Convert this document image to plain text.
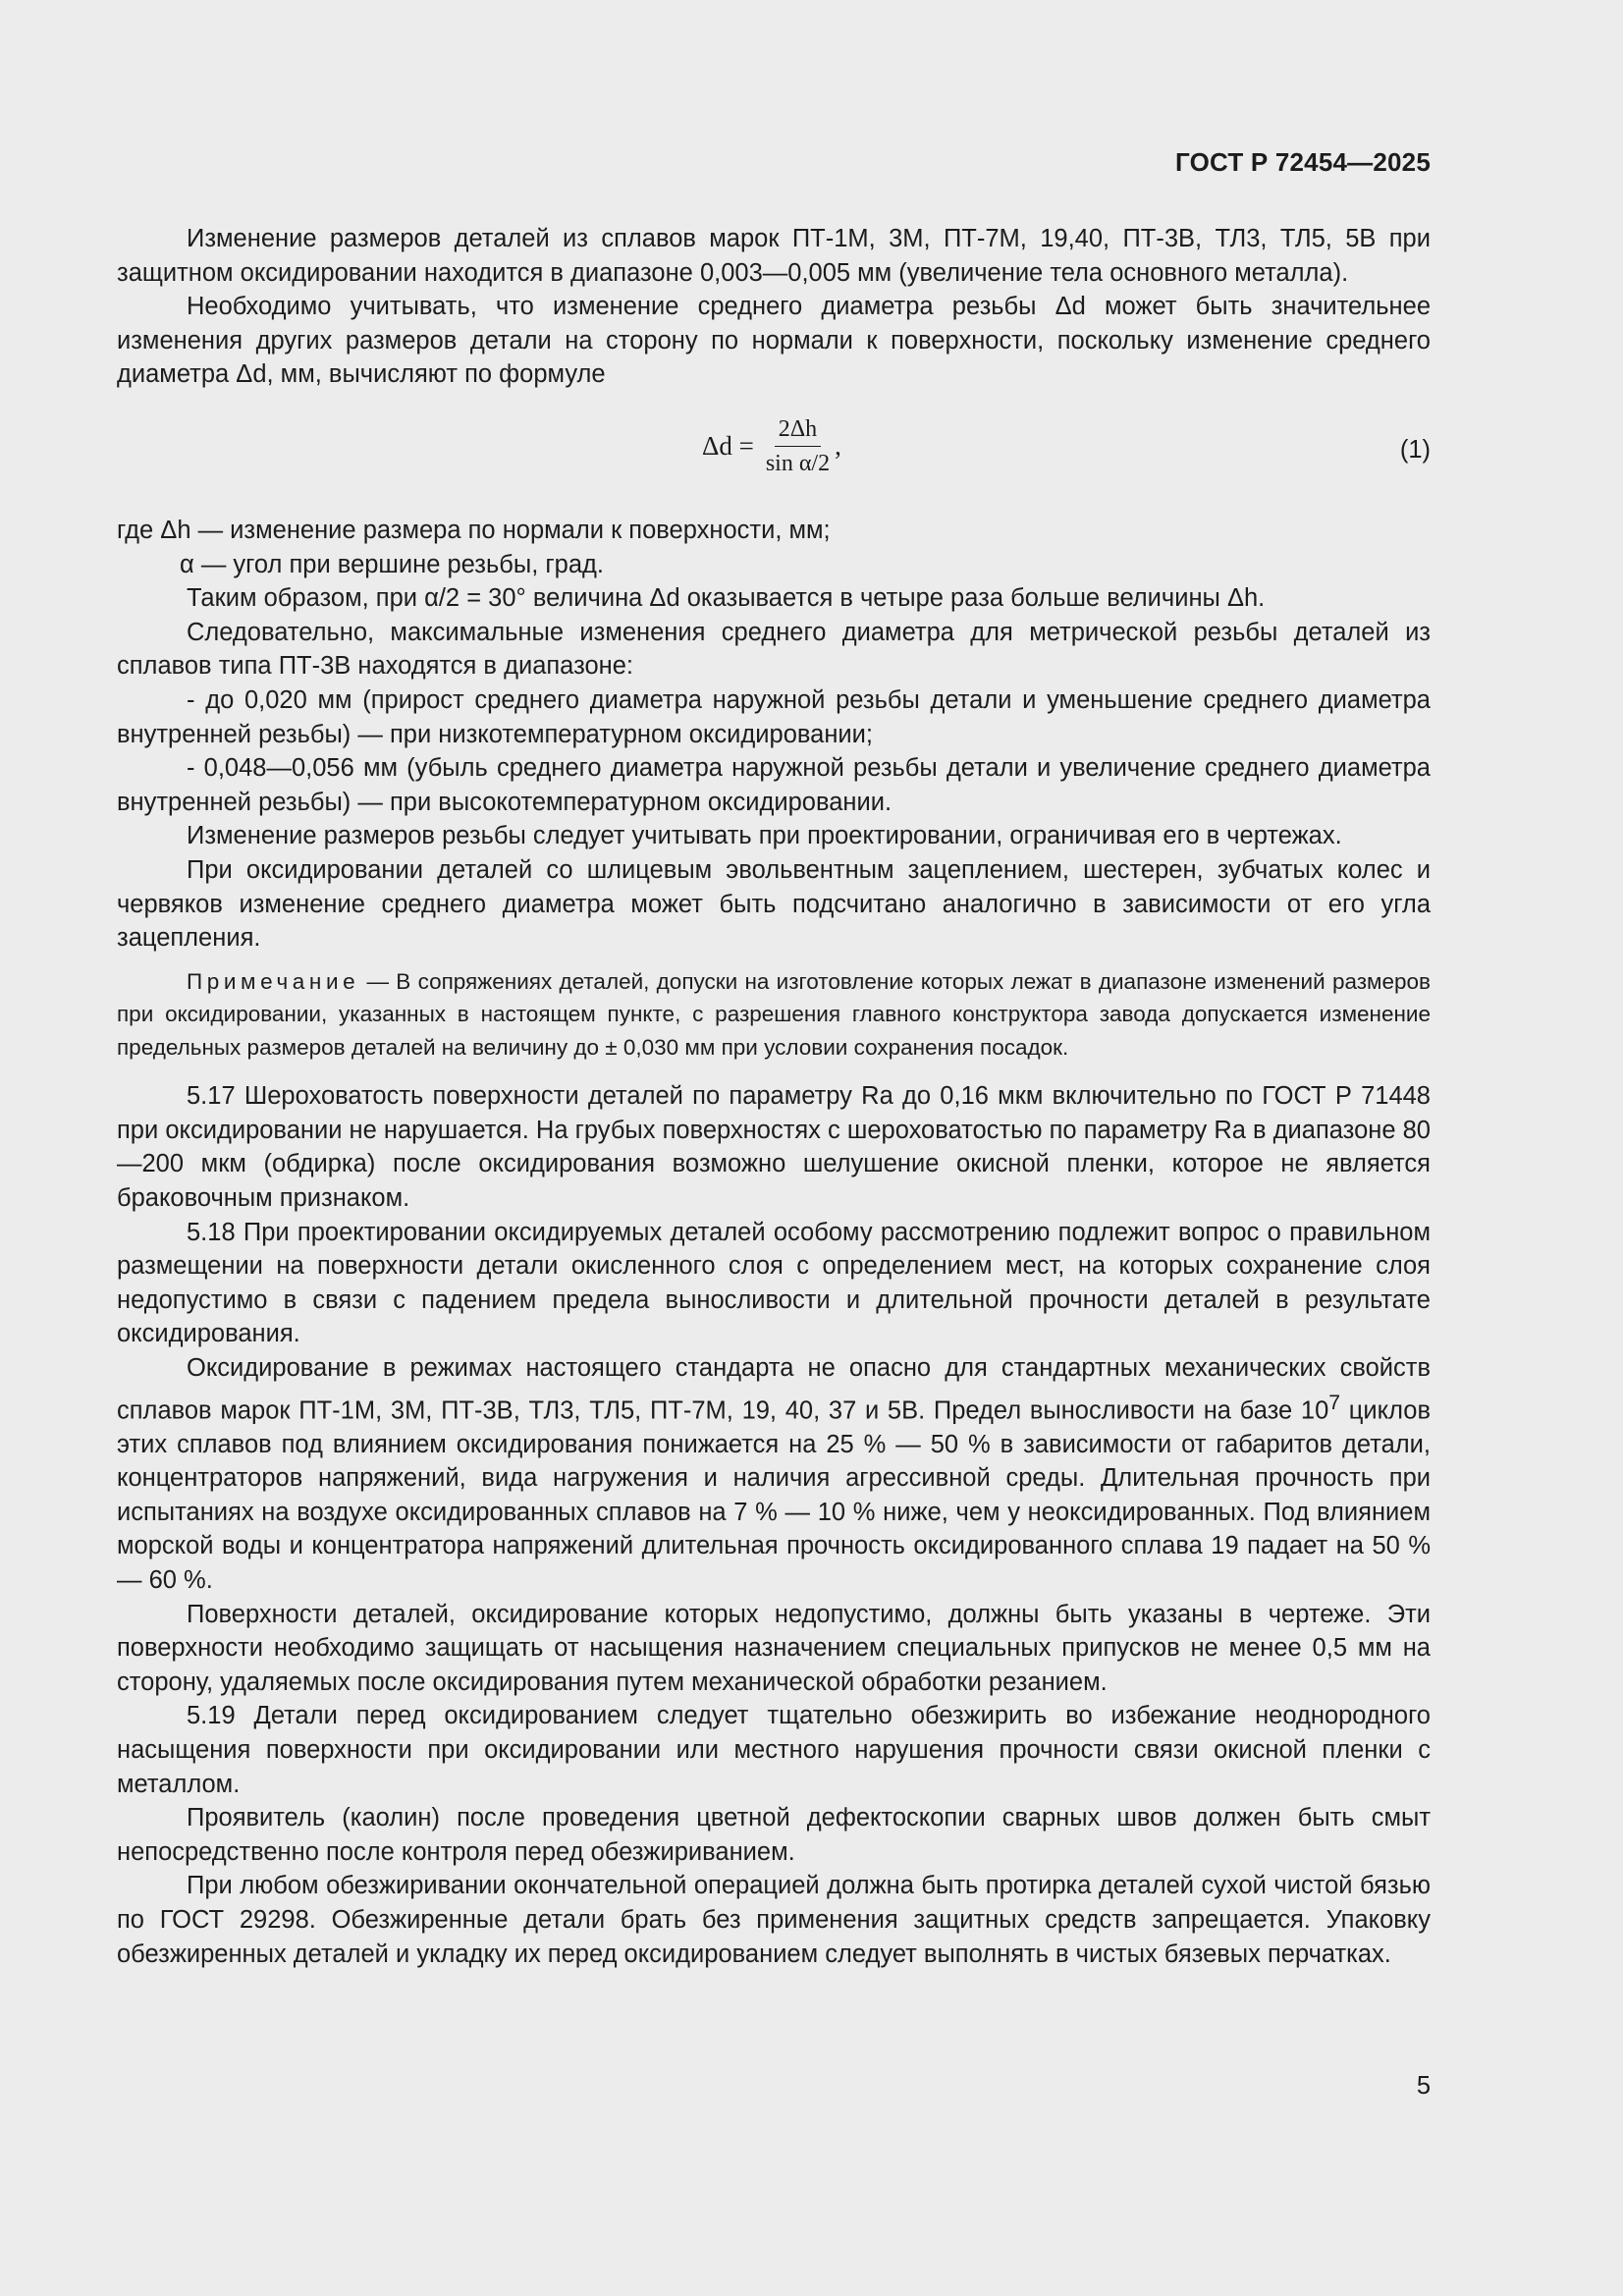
ГОСТ Р 72454—2025

Изменение размеров деталей из сплавов марок ПТ-1М, 3М, ПТ-7М, 19,40, ПТ-3В, ТЛ3, ТЛ5, 5В при защитном оксидировании находится в диапазоне 0,003—0,005 мм (увеличение тела основного металла).

Необходимо учитывать, что изменение среднего диаметра резьбы Δd может быть значительнее изменения других размеров детали на сторону по нормали к поверхности, поскольку изменение среднего диаметра Δd, мм, вычисляют по формуле

$\Delta d = \frac{2\Delta h}{\text{sin α/2}}$ ,	(1)

где Δh — изменение размера по нормали к поверхности, мм;

α — угол при вершине резьбы, град.

Таким образом, при α/2 = 30° величина Δd оказывается в четыре раза больше величины Δh.

Следовательно, максимальные изменения среднего диаметра для метрической резьбы деталей из сплавов типа ПТ-3В находятся в диапазоне:

- до 0,020 мм (прирост среднего диаметра наружной резьбы детали и уменьшение среднего диаметра внутренней резьбы) — при низкотемпературном оксидировании;

- 0,048—0,056 мм (убыль среднего диаметра наружной резьбы детали и увеличение среднего диаметра внутренней резьбы) — при высокотемпературном оксидировании.

Изменение размеров резьбы следует учитывать при проектировании, ограничивая его в чертежах.

При оксидировании деталей со шлицевым эвольвентным зацеплением, шестерен, зубчатых колес и червяков изменение среднего диаметра может быть подсчитано аналогично в зависимости от его угла зацепления.

Примечание — В сопряжениях деталей, допуски на изготовление которых лежат в диапазоне изменений размеров при оксидировании, указанных в настоящем пункте, с разрешения главного конструктора завода допускается изменение предельных размеров деталей на величину до ± 0,030 мм при условии сохранения посадок.

5.17 Шероховатость поверхности деталей по параметру Ra до 0,16 мкм включительно по ГОСТ Р 71448 при оксидировании не нарушается. На грубых поверхностях с шероховатостью по параметру Ra в диапазоне 80—200 мкм (обдирка) после оксидирования возможно шелушение окисной пленки, которое не является браковочным признаком.

5.18 При проектировании оксидируемых деталей особому рассмотрению подлежит вопрос о правильном размещении на поверхности детали окисленного слоя с определением мест, на которых сохранение слоя недопустимо в связи с падением предела выносливости и длительной прочности деталей в результате оксидирования.

Оксидирование в режимах настоящего стандарта не опасно для стандартных механических свойств сплавов марок ПТ-1М, 3М, ПТ-3В, ТЛ3, ТЛ5, ПТ-7М, 19, 40, 37 и 5В. Предел выносливости на базе $10^7$ циклов этих сплавов под влиянием оксидирования понижается на 25 % — 50 % в зависимости от габаритов детали, концентраторов напряжений, вида нагружения и наличия агрессивной среды. Длительная прочность при испытаниях на воздухе оксидированных сплавов на 7 % — 10 % ниже, чем у неоксидированных. Под влиянием морской воды и концентратора напряжений длительная прочность оксидированного сплава 19 падает на 50 % — 60 %.

Поверхности деталей, оксидирование которых недопустимо, должны быть указаны в чертеже. Эти поверхности необходимо защищать от насыщения назначением специальных припусков не менее 0,5 мм на сторону, удаляемых после оксидирования путем механической обработки резанием.

5.19 Детали перед оксидированием следует тщательно обезжирить во избежание неоднородного насыщения поверхности при оксидировании или местного нарушения прочности связи окисной пленки с металлом.

Проявитель (каолин) после проведения цветной дефектоскопии сварных швов должен быть смыт непосредственно после контроля перед обезжириванием.

При любом обезжиривании окончательной операцией должна быть протирка деталей сухой чистой бязью по ГОСТ 29298. Обезжиренные детали брать без применения защитных средств запрещается. Упаковку обезжиренных деталей и укладку их перед оксидированием следует выполнять в чистых бязевых перчатках.

5
